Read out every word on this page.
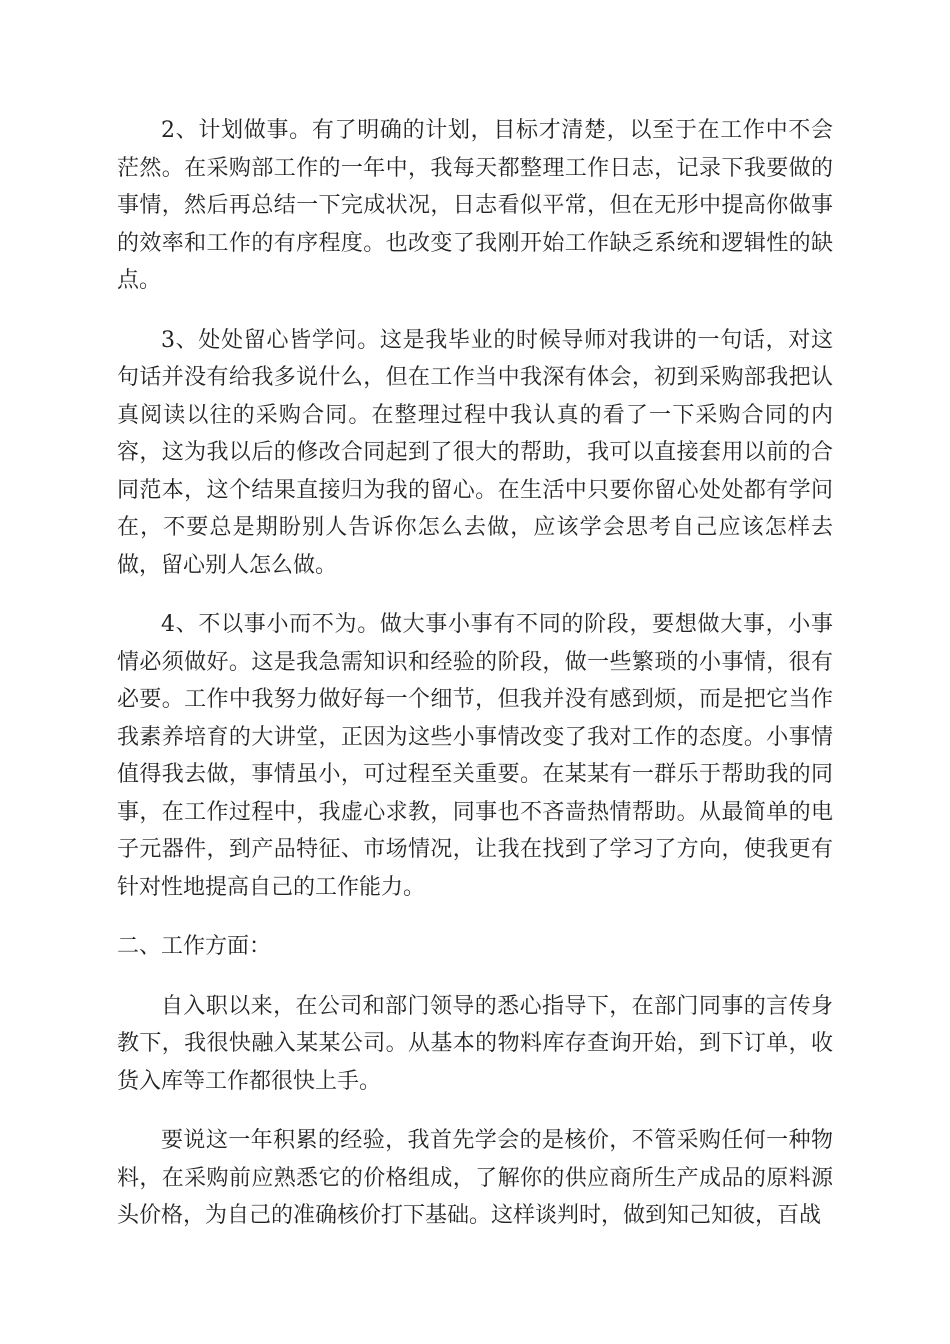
2、计划做事。有了明确的计划，目标才清楚，以至于在工作中不会茫然。在采购部工作的一年中，我每天都整理工作日志，记录下我要做的事情，然后再总结一下完成状况，日志看似平常，但在无形中提高你做事的效率和工作的有序程度。也改变了我刚开始工作缺乏系统和逻辑性的缺点。

3、处处留心皆学问。这是我毕业的时候导师对我讲的一句话，对这句话并没有给我多说什么，但在工作当中我深有体会，初到采购部我把认真阅读以往的采购合同。在整理过程中我认真的看了一下采购合同的内容，这为我以后的修改合同起到了很大的帮助，我可以直接套用以前的合同范本，这个结果直接归为我的留心。在生活中只要你留心处处都有学问在，不要总是期盼别人告诉你怎么去做，应该学会思考自己应该怎样去做，留心别人怎么做。

4、不以事小而不为。做大事小事有不同的阶段，要想做大事，小事情必须做好。这是我急需知识和经验的阶段，做一些繁琐的小事情，很有必要。工作中我努力做好每一个细节，但我并没有感到烦，而是把它当作我素养培育的大讲堂，正因为这些小事情改变了我对工作的态度。小事情值得我去做，事情虽小，可过程至关重要。在某某有一群乐于帮助我的同事，在工作过程中，我虚心求教，同事也不吝啬热情帮助。从最简单的电子元器件，到产品特征、市场情况，让我在找到了学习了方向，使我更有针对性地提高自己的工作能力。

二、工作方面：

自入职以来，在公司和部门领导的悉心指导下，在部门同事的言传身教下，我很快融入某某公司。从基本的物料库存查询开始，到下订单，收货入库等工作都很快上手。

要说这一年积累的经验，我首先学会的是核价，不管采购任何一种物料，在采购前应熟悉它的价格组成，了解你的供应商所生产成品的原料源头价格，为自己的准确核价打下基础。这样谈判时，做到知己知彼，百战
